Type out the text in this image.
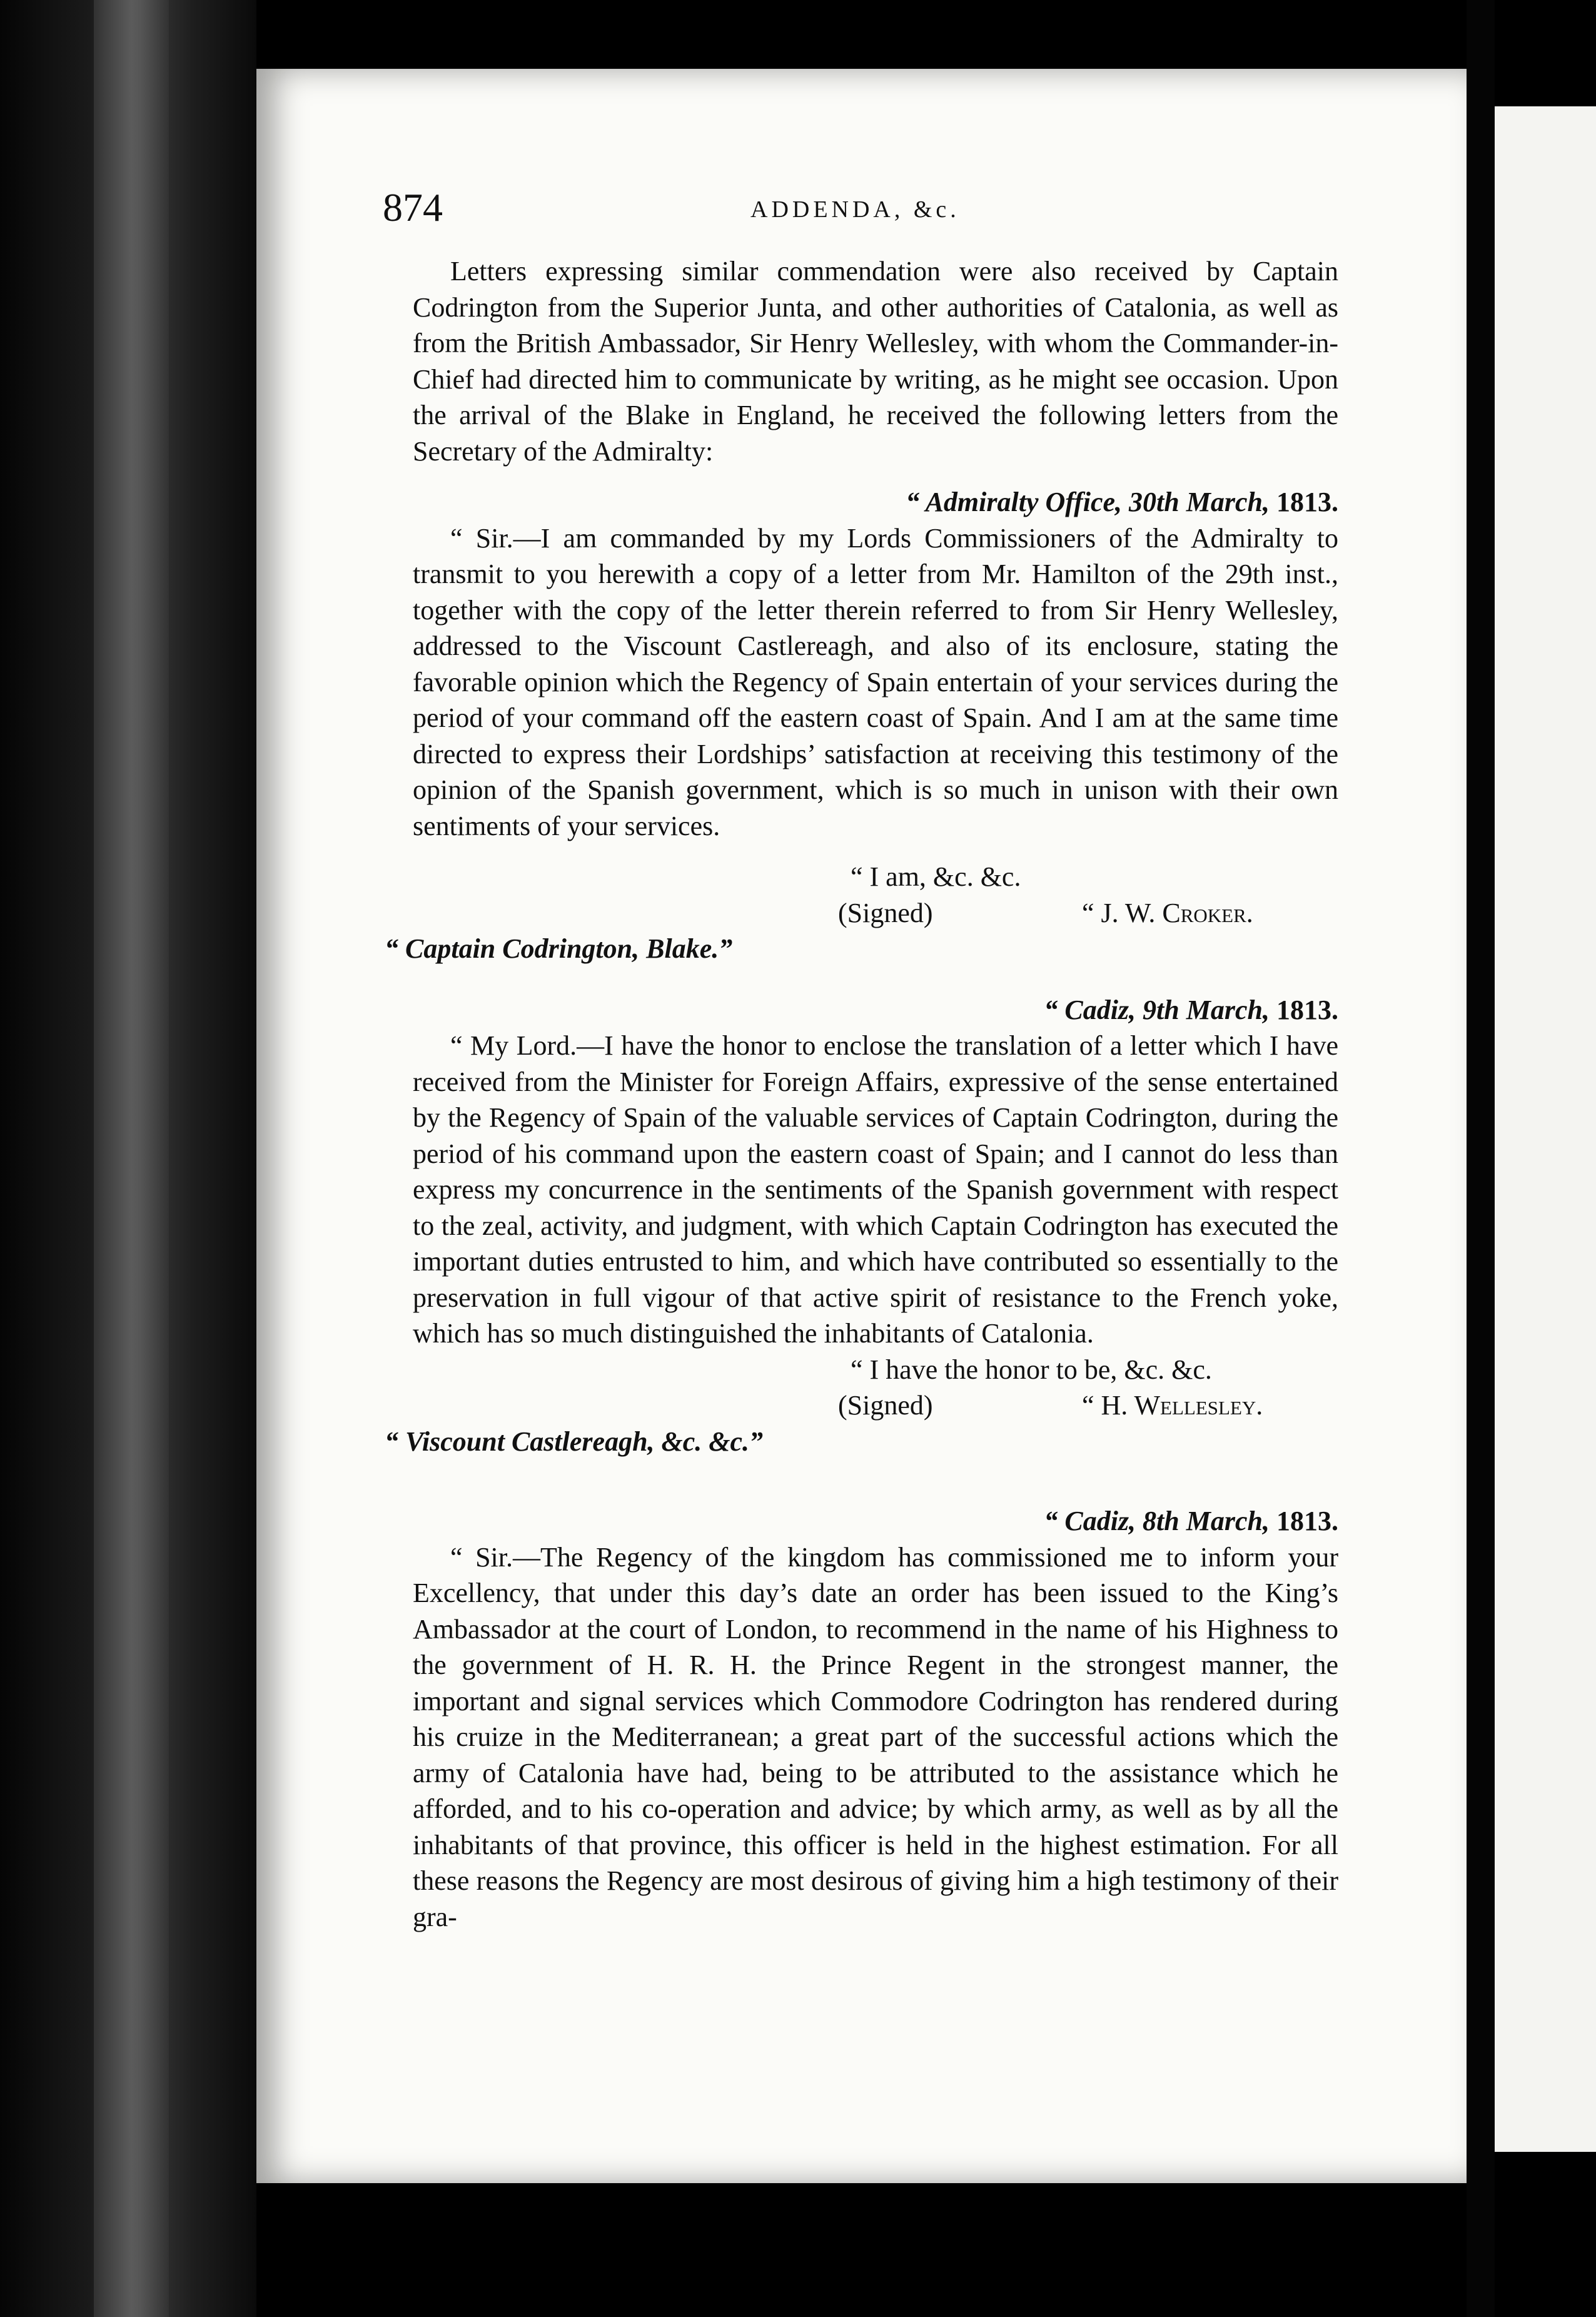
874	ADDENDA, &c.

Letters expressing similar commendation were also received by Captain Codrington from the Superior Junta, and other authorities of Catalonia, as well as from the British Ambassador, Sir Henry Wellesley, with whom the Commander-in-Chief had directed him to communicate by writing, as he might see occasion. Upon the arrival of the Blake in England, he received the following letters from the Secretary of the Admiralty:

“ Admiralty Office, 30th March, 1813.

“ Sir.—I am commanded by my Lords Commissioners of the Admiralty to transmit to you herewith a copy of a letter from Mr. Hamilton of the 29th inst., together with the copy of the letter therein referred to from Sir Henry Wellesley, addressed to the Viscount Castlereagh, and also of its enclosure, stating the favorable opinion which the Regency of Spain entertain of your services during the period of your command off the eastern coast of Spain. And I am at the same time directed to express their Lordships’ satisfaction at receiving this testimony of the opinion of the Spanish government, which is so much in unison with their own sentiments of your services.

“ I am, &c. &c.
(Signed)	“ J. W. Croker.
“ Captain Codrington, Blake.”
“ Cadiz, 9th March, 1813.

“ My Lord.—I have the honor to enclose the translation of a letter which I have received from the Minister for Foreign Affairs, expressive of the sense entertained by the Regency of Spain of the valuable services of Captain Codrington, during the period of his command upon the eastern coast of Spain; and I cannot do less than express my concurrence in the sentiments of the Spanish government with respect to the zeal, activity, and judgment, with which Captain Codrington has executed the important duties entrusted to him, and which have contributed so essentially to the preservation in full vigour of that active spirit of resistance to the French yoke, which has so much distinguished the inhabitants of Catalonia.

“ I have the honor to be, &c. &c.
(Signed)	“ H. Wellesley.
“ Viscount Castlereagh, &c. &c.”
“ Cadiz, 8th March, 1813.

“ Sir.—The Regency of the kingdom has commissioned me to inform your Excellency, that under this day’s date an order has been issued to the King’s Ambassador at the court of London, to recommend in the name of his Highness to the government of H. R. H. the Prince Regent in the strongest manner, the important and signal services which Commodore Codrington has rendered during his cruize in the Mediterranean; a great part of the successful actions which the army of Catalonia have had, being to be attributed to the assistance which he afforded, and to his co-operation and advice; by which army, as well as by all the inhabitants of that province, this officer is held in the highest estimation. For all these reasons the Regency are most desirous of giving him a high testimony of their gra-
